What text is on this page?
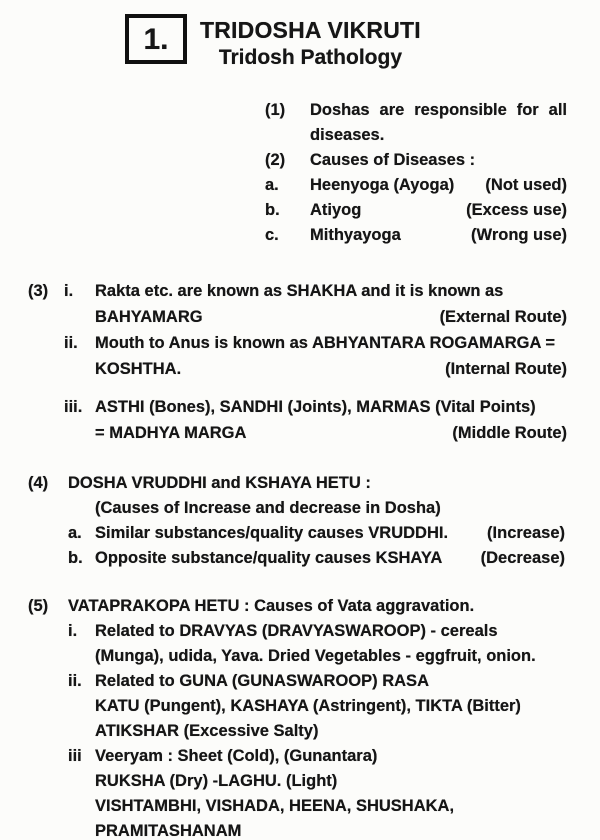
1. TRIDOSHA VIKRUTI
Tridosh Pathology
(1)	Doshas are responsible for all
diseases.
(2)	Causes of Diseases :
a.	Heenyoga (Ayoga) (Not used)
b.	Atiyog	(Excess use)
c.	Mithyayoga	(Wrong use)
(3) i.	Rakta etc. are known as SHAKHA and it is known as
BAHYAMARG	(External Route)
ii.	Mouth to Anus is known as ABHYANTARA ROGAMARGA =
KOSHTHA.	(Internal Route)
iii. ASTHI (Bones), SANDHI (Joints), MARMAS (Vital Points)
= MADHYA MARGA	(Middle Route)
(4)	DOSHA VRUDDHI and KSHAYA HETU :
(Causes of Increase and decrease in Dosha)
a. Similar substances/quality causes VRUDDHI. (Increase)
b. Opposite substance/quality causes KSHAYA (Decrease)
(5)	VATAPRAKOPA HETU : Causes of Vata aggravation.
i.	Related to DRAVYAS (DRAVYASWAROOP) - cereals
(Munga), udida, Yava. Dried Vegetables - eggfruit, onion.
ii. Related to GUNA (GUNASWAROOP) RASA
KATU (Pungent), KASHAYA (Astringent), TIKTA (Bitter)
ATIKSHAR (Excessive Salty)
iii Veeryam : Sheet (Cold), (Gunantara)
RUKSHA (Dry) -LAGHU. (Light)
VISHTAMBHI, VISHADA, HEENA, SHUSHAKA,
PRAMITASHANAM
